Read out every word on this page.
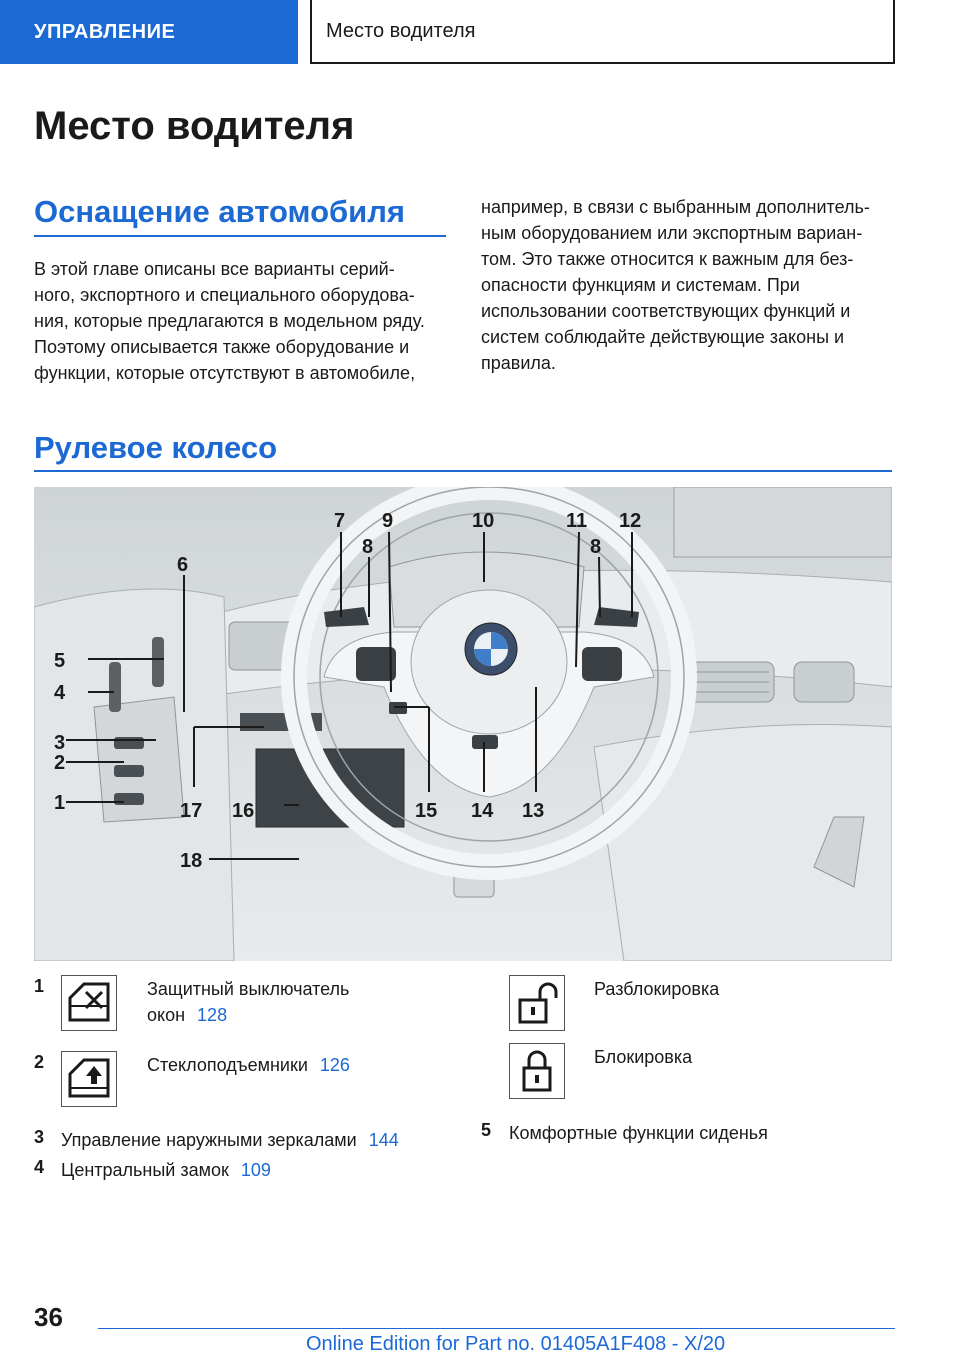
УПРАВЛЕНИЕ	Место водителя
Место водителя
Оснащение автомобиля
В этой главе описаны все варианты серий-
ного, экспортного и специального оборудова-
ния, которые предлагаются в модельном ряду.
Поэтому описывается также оборудование и
функции, которые отсутствуют в автомобиле,
например, в связи с выбранным дополнитель-
ным оборудованием или экспортным вариан-
том. Это также относится к важным для без-
опасности функциям и системам. При
использовании соответствующих функций и
систем соблюдайте действующие законы и
правила.
Рулевое колесо
1
2
3
4
5
6
7
8
9	10	11 12
8
13
14
15
16
17
18
1	Защитный выключатель
окон 128
2	Стеклоподъемники 126
3 Управление наружными зеркалами 144
4 Центральный замок 109
Разблокировка
Блокировка
5 Комфортные функции сиденья
36
Online Edition for Part no. 01405A1F408 - X/20
